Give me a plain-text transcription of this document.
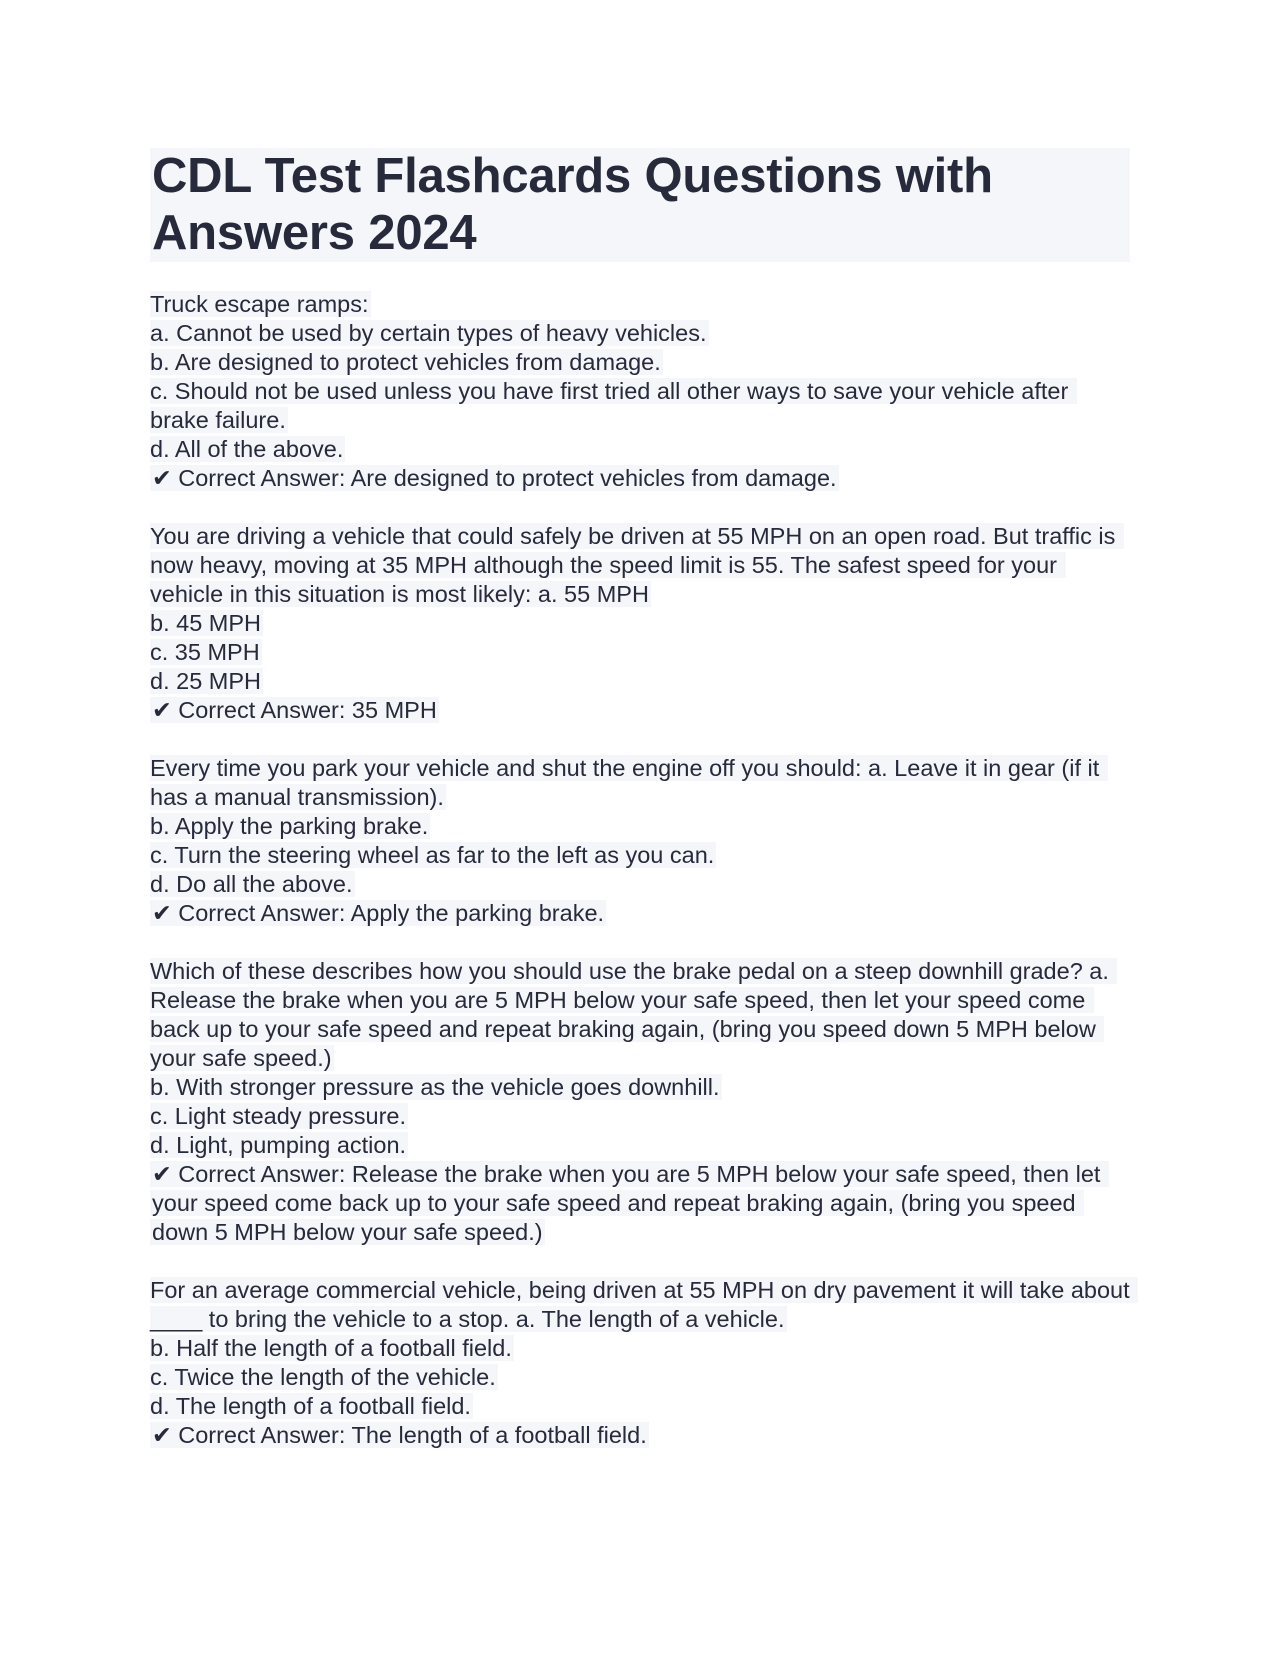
CDL Test Flashcards Questions with Answers 2024
Truck escape ramps:
a. Cannot be used by certain types of heavy vehicles.
b. Are designed to protect vehicles from damage.
c. Should not be used unless you have first tried all other ways to save your vehicle after brake failure.
d. All of the above.
✔ Correct Answer: Are designed to protect vehicles from damage.
You are driving a vehicle that could safely be driven at 55 MPH on an open road. But traffic is now heavy, moving at 35 MPH although the speed limit is 55. The safest speed for your vehicle in this situation is most likely: a. 55 MPH
b. 45 MPH
c. 35 MPH
d. 25 MPH
✔ Correct Answer: 35 MPH
Every time you park your vehicle and shut the engine off you should: a. Leave it in gear (if it has a manual transmission).
b. Apply the parking brake.
c. Turn the steering wheel as far to the left as you can.
d. Do all the above.
✔ Correct Answer: Apply the parking brake.
Which of these describes how you should use the brake pedal on a steep downhill grade? a. Release the brake when you are 5 MPH below your safe speed, then let your speed come back up to your safe speed and repeat braking again, (bring you speed down 5 MPH below your safe speed.)
b. With stronger pressure as the vehicle goes downhill.
c. Light steady pressure.
d. Light, pumping action.
✔ Correct Answer: Release the brake when you are 5 MPH below your safe speed, then let your speed come back up to your safe speed and repeat braking again, (bring you speed down 5 MPH below your safe speed.)
For an average commercial vehicle, being driven at 55 MPH on dry pavement it will take about ____ to bring the vehicle to a stop. a. The length of a vehicle.
b. Half the length of a football field.
c. Twice the length of the vehicle.
d. The length of a football field.
✔ Correct Answer: The length of a football field.
